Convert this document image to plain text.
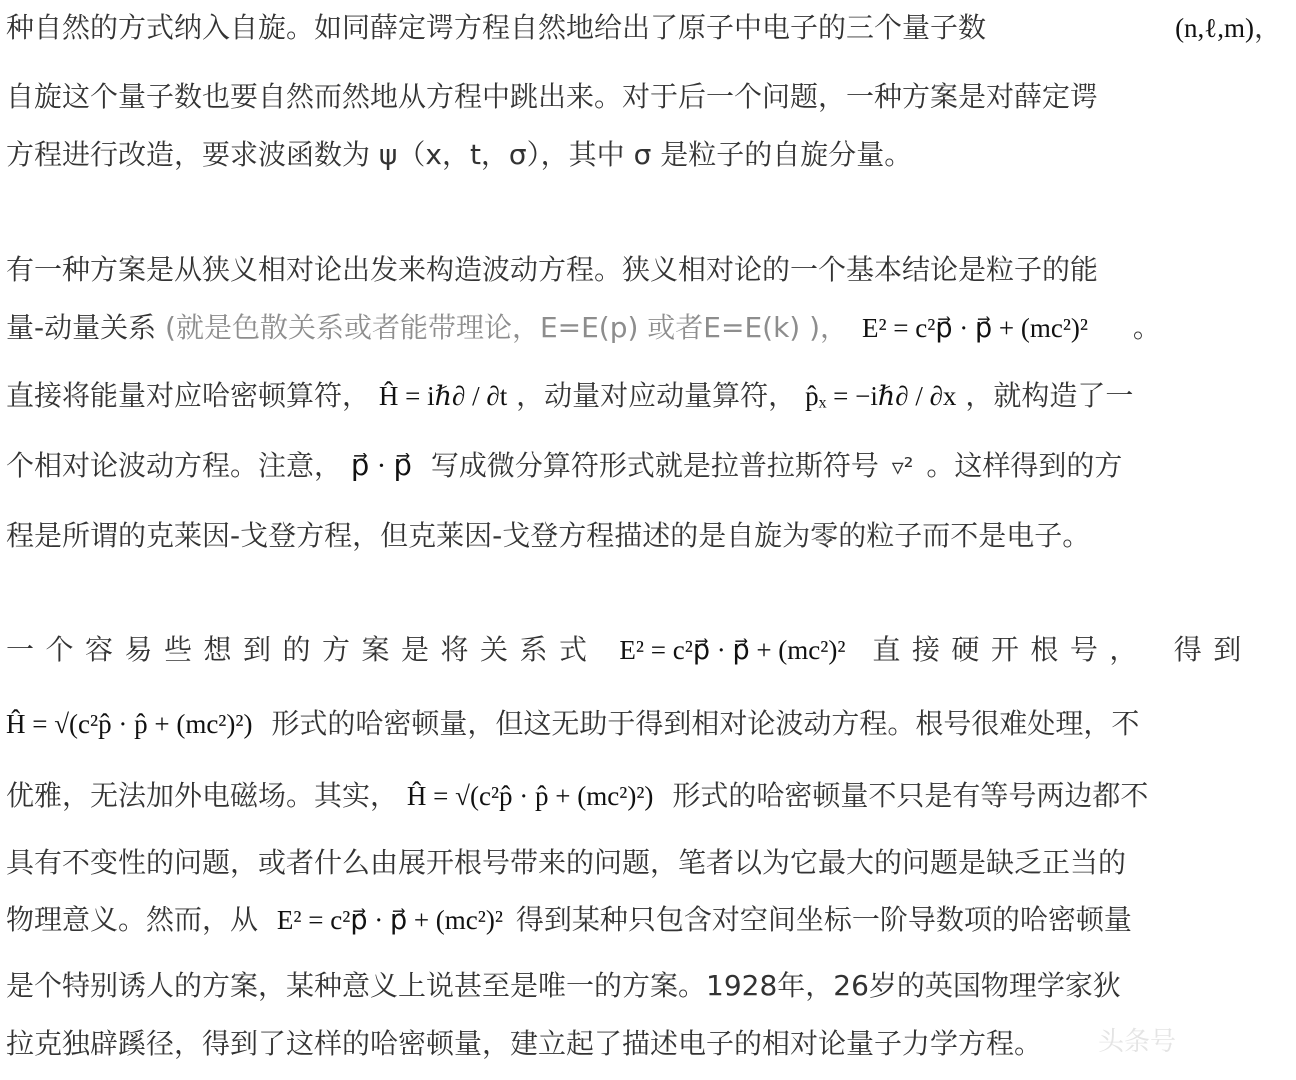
种自然的方式纳入自旋。如同薛定谔方程自然地给出了原子中电子的三个量子数	(n,ℓ,m) ，
自旋这个量子数也要自然而然地从方程中跳出来。对于后一个问题，一种方案是对薛定谔
方程进行改造，要求波函数为 ψ（x，t，σ），其中 σ 是粒子的自旋分量。
有一种方案是从狭义相对论出发来构造波动方程。狭义相对论的一个基本结论是粒子的能
量-动量关系 (就是色散关系或者能带理论，E=E(p) 或者E=E(k) )， E² = c²p⃗ · p⃗ + (mc²)² 。
直接将能量对应哈密顿算符， Ĥ = iℏ∂ / ∂t ，动量对应动量算符， p̂ₓ = −iℏ∂ / ∂x ，就构造了一
个相对论波动方程。注意， p⃗ · p⃗ 写成微分算符形式就是拉普拉斯符号 ▿² 。这样得到的方
程是所谓的克莱因-戈登方程，但克莱因-戈登方程描述的是自旋为零的粒子而不是电子。
一个容易些想到的方案是将关系式 E² = c²p⃗ · p⃗ + (mc²)² 直接硬开根号， 得到
Ĥ = √(c²p̂ · p̂ + (mc²)²) 形式的哈密顿量，但这无助于得到相对论波动方程。根号很难处理，不
优雅，无法加外电磁场。其实， Ĥ = √(c²p̂ · p̂ + (mc²)²) 形式的哈密顿量不只是有等号两边都不
具有不变性的问题，或者什么由展开根号带来的问题，笔者以为它最大的问题是缺乏正当的
物理意义。然而，从 E² = c²p⃗ · p⃗ + (mc²)² 得到某种只包含对空间坐标一阶导数项的哈密顿量
是个特别诱人的方案，某种意义上说甚至是唯一的方案。1928年，26岁的英国物理学家狄
拉克独辟蹊径，得到了这样的哈密顿量，建立起了描述电子的相对论量子力学方程。 头条号
